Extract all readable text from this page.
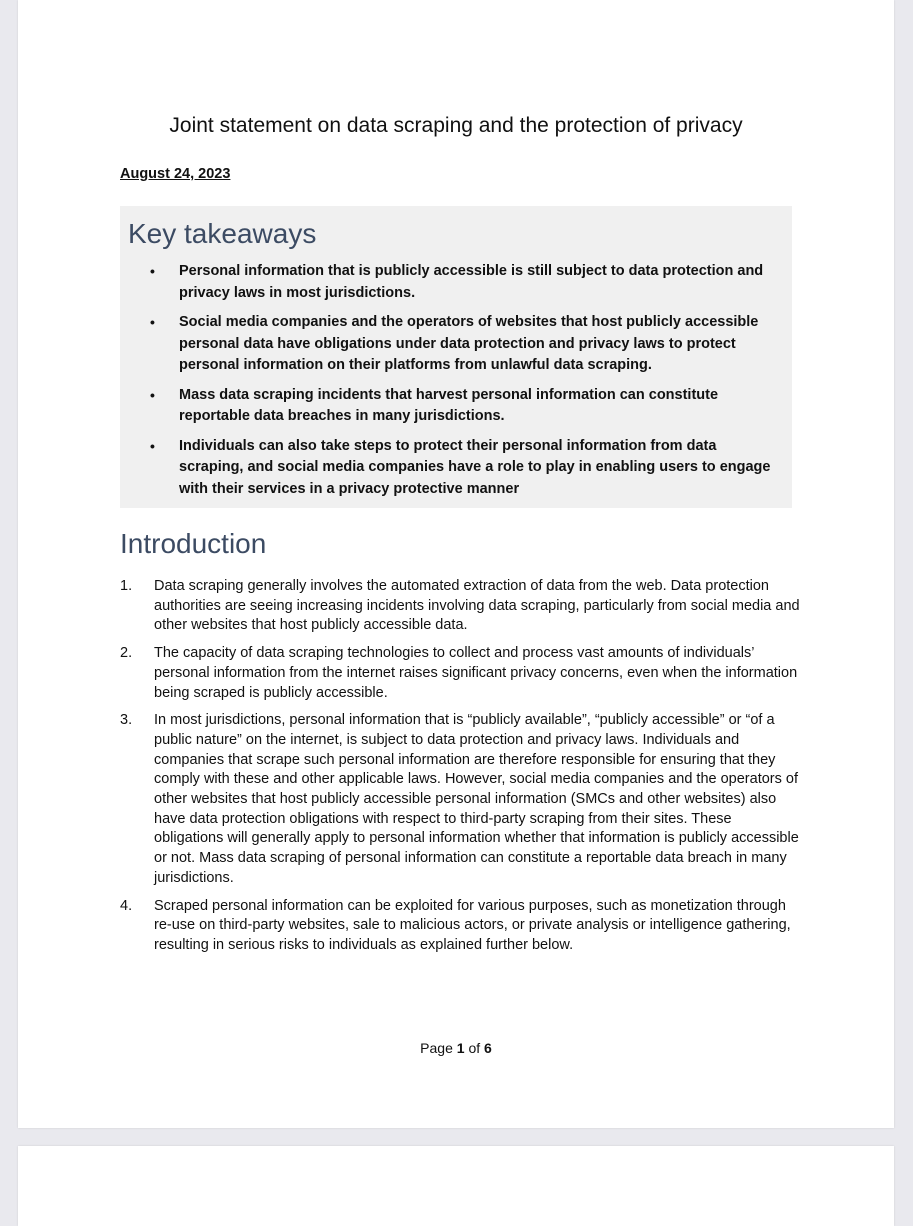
Joint statement on data scraping and the protection of privacy
August 24, 2023
Key takeaways
• Personal information that is publicly accessible is still subject to data protection and privacy laws in most jurisdictions.
• Social media companies and the operators of websites that host publicly accessible personal data have obligations under data protection and privacy laws to protect personal information on their platforms from unlawful data scraping.
• Mass data scraping incidents that harvest personal information can constitute reportable data breaches in many jurisdictions.
• Individuals can also take steps to protect their personal information from data scraping, and social media companies have a role to play in enabling users to engage with their services in a privacy protective manner
Introduction
1. Data scraping generally involves the automated extraction of data from the web. Data protection authorities are seeing increasing incidents involving data scraping, particularly from social media and other websites that host publicly accessible data.
2. The capacity of data scraping technologies to collect and process vast amounts of individuals’ personal information from the internet raises significant privacy concerns, even when the information being scraped is publicly accessible.
3. In most jurisdictions, personal information that is “publicly available”, “publicly accessible” or “of a public nature” on the internet, is subject to data protection and privacy laws. Individuals and companies that scrape such personal information are therefore responsible for ensuring that they comply with these and other applicable laws. However, social media companies and the operators of other websites that host publicly accessible personal information (SMCs and other websites) also have data protection obligations with respect to third-party scraping from their sites. These obligations will generally apply to personal information whether that information is publicly accessible or not. Mass data scraping of personal information can constitute a reportable data breach in many jurisdictions.
4. Scraped personal information can be exploited for various purposes, such as monetization through re-use on third-party websites, sale to malicious actors, or private analysis or intelligence gathering, resulting in serious risks to individuals as explained further below.
Page 1 of 6
